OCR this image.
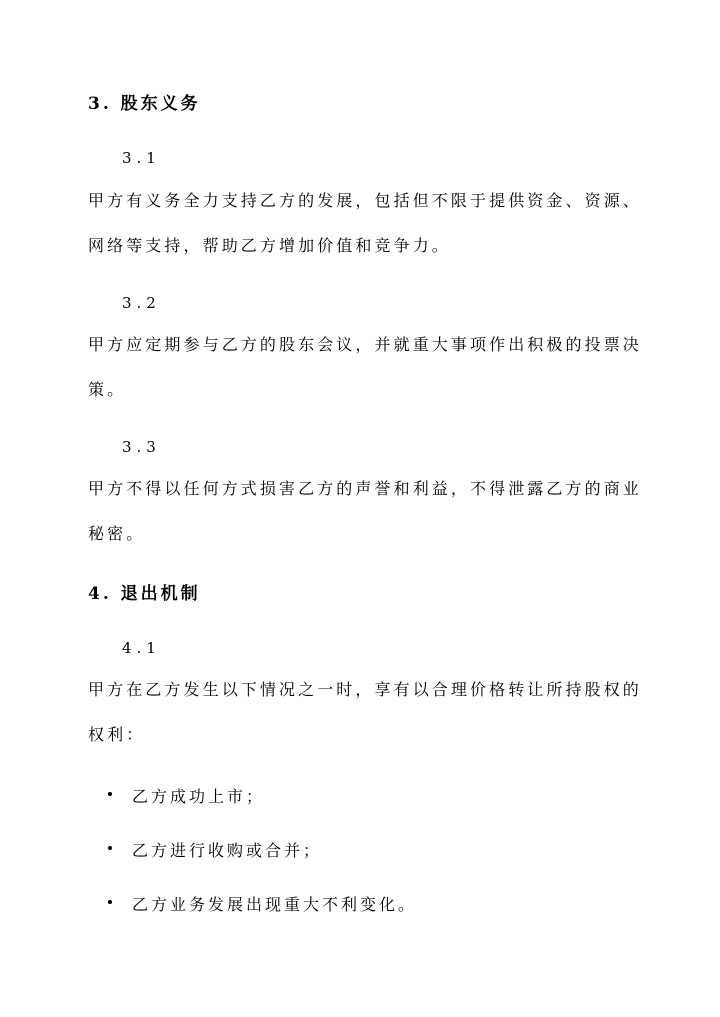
3. 股东义务
3.1
甲方有义务全力支持乙方的发展，包括但不限于提供资金、资源、
网络等支持，帮助乙方增加价值和竞争力。
3.2
甲方应定期参与乙方的股东会议，并就重大事项作出积极的投票决
策。
3.3
甲方不得以任何方式损害乙方的声誉和利益，不得泄露乙方的商业
秘密。
4. 退出机制
4.1
甲方在乙方发生以下情况之一时，享有以合理价格转让所持股权的
权利：
乙方成功上市；
乙方进行收购或合并；
乙方业务发展出现重大不利变化。
